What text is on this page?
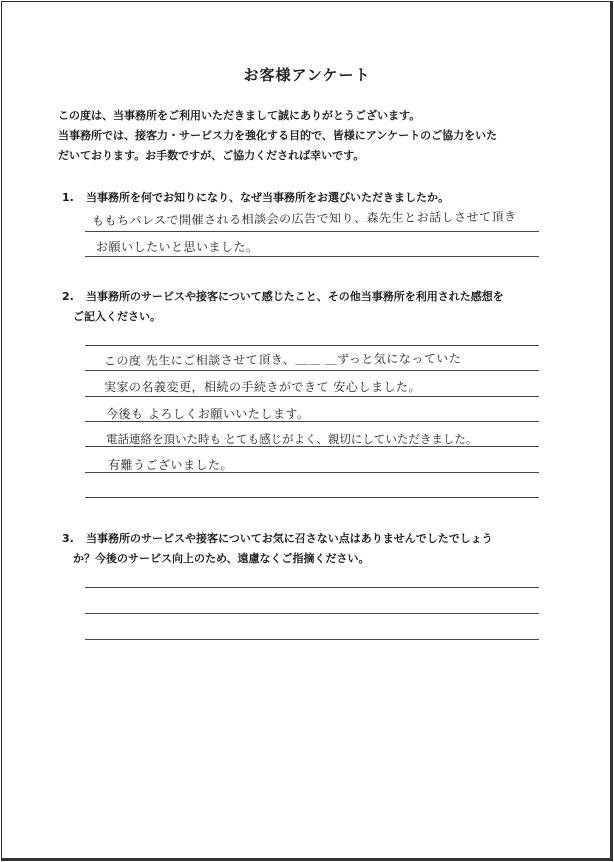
お客様アンケート
この度は、当事務所をご利用いただきまして誠にありがとうございます。
当事務所では、接客力・サービス力を強化する目的で、皆様にアンケートのご協力をいた
だいております。お手数ですが、ご協力くだされば幸いです。
1. 当事務所を何でお知りになり、なぜ当事務所をお選びいただきましたか。
ももちパレスで開催される相談会の広告で知り、森先生とお話しさせて頂き
お願いしたいと思いました。
2. 当事務所のサービスや接客について感じたこと、その他当事務所を利用された感想を
ご記入ください。
この度 先生にご相談させて頂き、＿＿ ＿ずっと気になっていた
実家の名義変更，相続の手続きができて 安心しました。
今後も よろしくお願いいたします。
電話連絡を頂いた時も とても感じがよく、親切にしていただきました。
有難うございました。
3. 当事務所のサービスや接客についてお気に召さない点はありませんでしたでしょう
か？今後のサービス向上のため、遠慮なくご指摘ください。
